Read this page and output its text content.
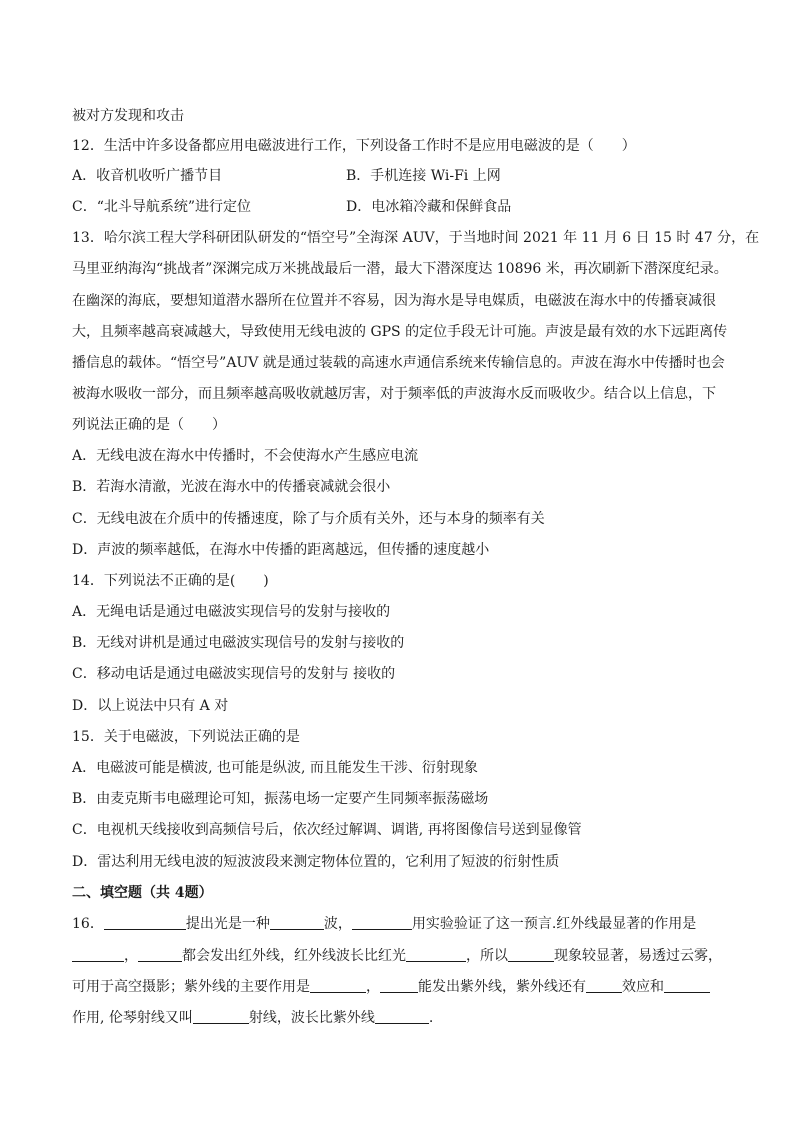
被对方发现和攻击
12．生活中许多设备都应用电磁波进行工作，下列设备工作时不是应用电磁波的是（　　）
A．收音机收听广播节目	B．手机连接 Wi-Fi 上网
C．“北斗导航系统”进行定位	D．电冰箱冷藏和保鲜食品
13．哈尔滨工程大学科研团队研发的“悟空号”全海深 AUV，于当地时间 2021 年 11 月 6 日 15 时 47 分，在
马里亚纳海沟“挑战者”深渊完成万米挑战最后一潜，最大下潜深度达 10896 米，再次刷新下潜深度纪录。
在幽深的海底，要想知道潜水器所在位置并不容易，因为海水是导电媒质，电磁波在海水中的传播衰减很
大，且频率越高衰减越大，导致使用无线电波的 GPS 的定位手段无计可施。声波是最有效的水下远距离传
播信息的载体。“悟空号”AUV 就是通过装载的高速水声通信系统来传输信息的。声波在海水中传播时也会
被海水吸收一部分，而且频率越高吸收就越厉害，对于频率低的声波海水反而吸收少。结合以上信息，下
列说法正确的是（　　）
A．无线电波在海水中传播时，不会使海水产生感应电流
B．若海水清澈，光波在海水中的传播衰减就会很小
C．无线电波在介质中的传播速度，除了与介质有关外，还与本身的频率有关
D．声波的频率越低，在海水中传播的距离越远，但传播的速度越小
14．下列说法不正确的是(　　)
A．无绳电话是通过电磁波实现信号的发射与接收的
B．无线对讲机是通过电磁波实现信号的发射与接收的
C．移动电话是通过电磁波实现信号的发射与 接收的
D．以上说法中只有 A 对
15．关于电磁波，下列说法正确的是
A．电磁波可能是横波, 也可能是纵波, 而且能发生干涉、衍射现象
B．由麦克斯韦电磁理论可知，振荡电场一定要产生同频率振荡磁场
C．电视机天线接收到高频信号后，依次经过解调、调谐, 再将图像信号送到显像管
D．雷达利用无线电波的短波波段来测定物体位置的，它利用了短波的衍射性质
二、填空题（共 4题）
16．	提出光是一种	波，	用实验验证了这一预言.红外线最显著的作用是
，	都会发出红外线，红外线波长比红光	，所以	现象较显著，易透过云雾，
可用于高空摄影；紫外线的主要作用是	，	能发出紫外线，紫外线还有	效应和
作用, 伦琴射线又叫	射线，波长比紫外线	.
